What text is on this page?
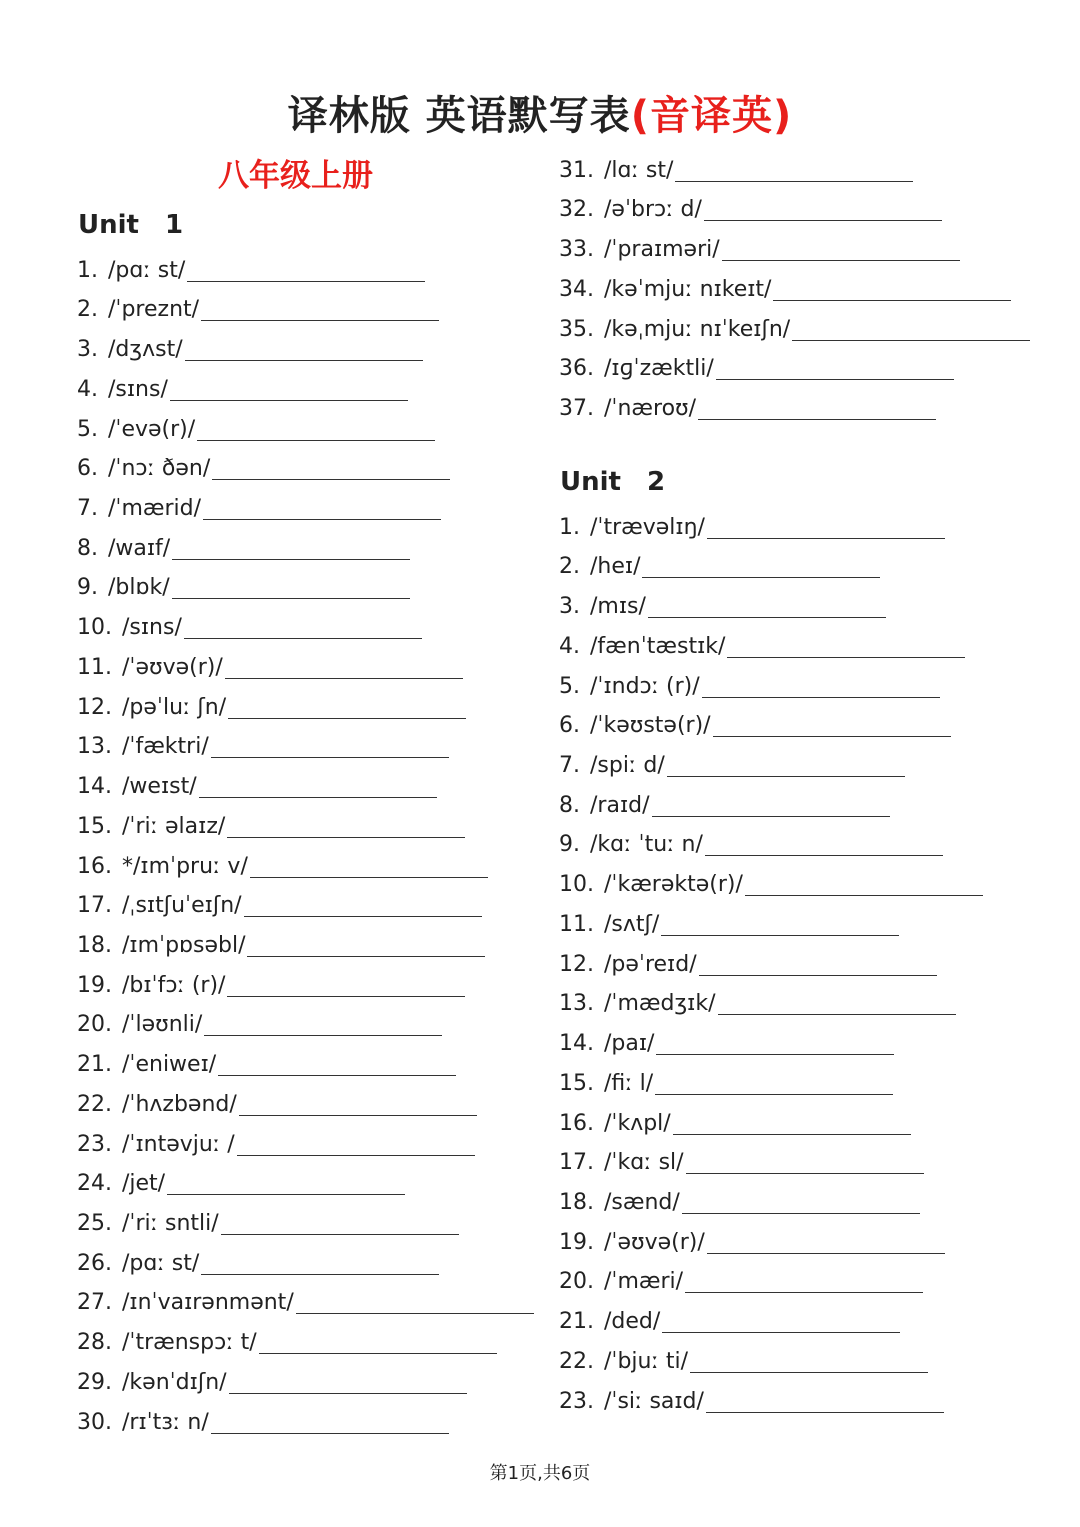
译林版 英语默写表(音译英)
八年级上册
Unit 1
1. /pɑː st/
2. /ˈpreznt/
3. /dʒʌst/
4. /sɪns/
5. /ˈevə(r)/
6. /ˈnɔː ðən/
7. /ˈmærid/
8. /waɪf/
9. /blɒk/
10. /sɪns/
11. /ˈəʊvə(r)/
12. /pəˈluː ʃn/
13. /ˈfæktri/
14. /weɪst/
15. /ˈriː əlaɪz/
16. */ɪmˈpruː v/
17. /ˌsɪtʃuˈeɪʃn/
18. /ɪmˈpɒsəbl/
19. /bɪˈfɔː (r)/
20. /ˈləʊnli/
21. /ˈeniweɪ/
22. /ˈhʌzbənd/
23. /ˈɪntəvjuː /
24. /jet/
25. /ˈriː sntli/
26. /pɑː st/
27. /ɪnˈvaɪrənmənt/
28. /ˈtrænspɔː t/
29. /kənˈdɪʃn/
30. /rɪˈtɜː n/
31. /lɑː st/
32. /əˈbrɔː d/
33. /ˈpraɪməri/
34. /kəˈmjuː nɪkeɪt/
35. /kəˌmjuː nɪˈkeɪʃn/
36. /ɪɡˈzæktli/
37. /ˈnæroʊ/
Unit 2
1. /ˈtrævəlɪŋ/
2. /heɪ/
3. /mɪs/
4. /fænˈtæstɪk/
5. /ˈɪndɔː (r)/
6. /ˈkəʊstə(r)/
7. /spiː d/
8. /raɪd/
9. /kɑː ˈtuː n/
10. /ˈkærəktə(r)/
11. /sʌtʃ/
12. /pəˈreɪd/
13. /ˈmædʒɪk/
14. /paɪ/
15. /fiː l/
16. /ˈkʌpl/
17. /ˈkɑː sl/
18. /sænd/
19. /ˈəʊvə(r)/
20. /ˈmæri/
21. /ded/
22. /ˈbjuː ti/
23. /ˈsiː saɪd/
第1页,共6页
